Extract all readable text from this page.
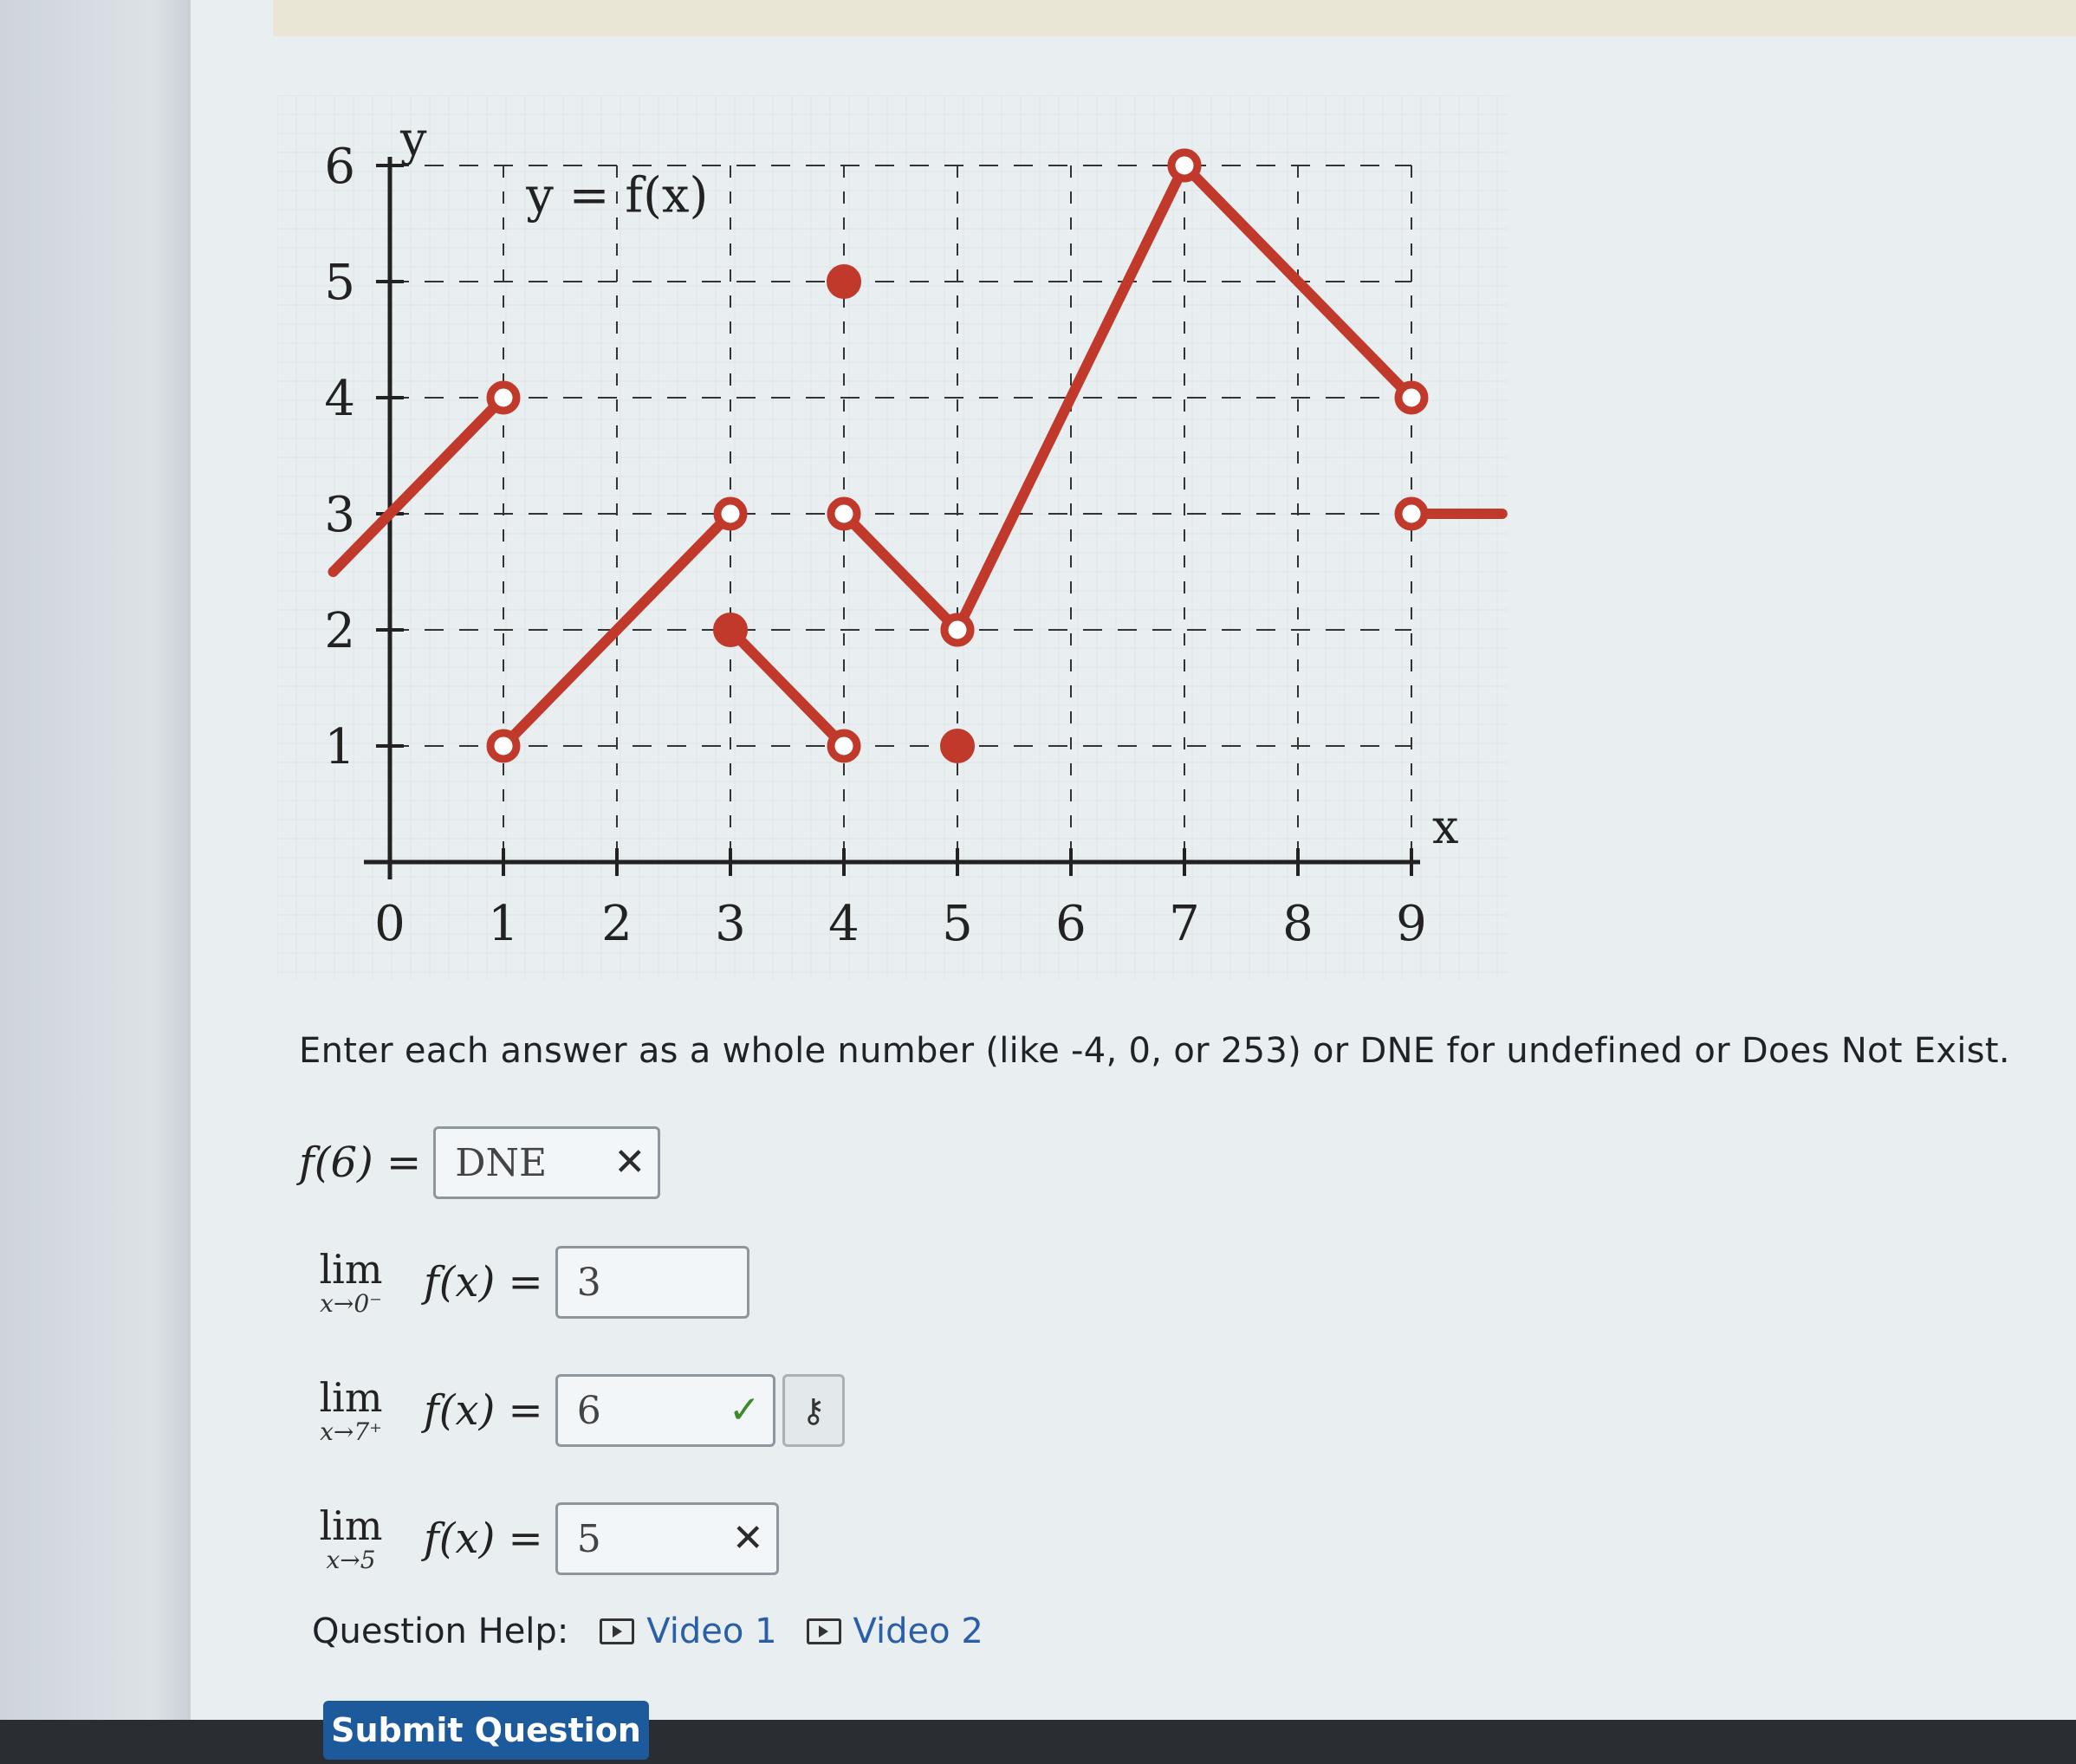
0 1 2 3 4 5 6 7 8 9
1
2
3
4
5
6 y
x
y = f(x)
Enter each answer as a whole number (like -4, 0, or 253) or DNE for undefined or Does Not Exist.
f(6) =
DNE	✕
lim
x→0⁻ f(x) =
3
lim
x→7⁺ f(x) =
6	✓ ⚷
lim
x→5 f(x) =
5	✕
Question Help: Video 1 Video 2
Submit Question
